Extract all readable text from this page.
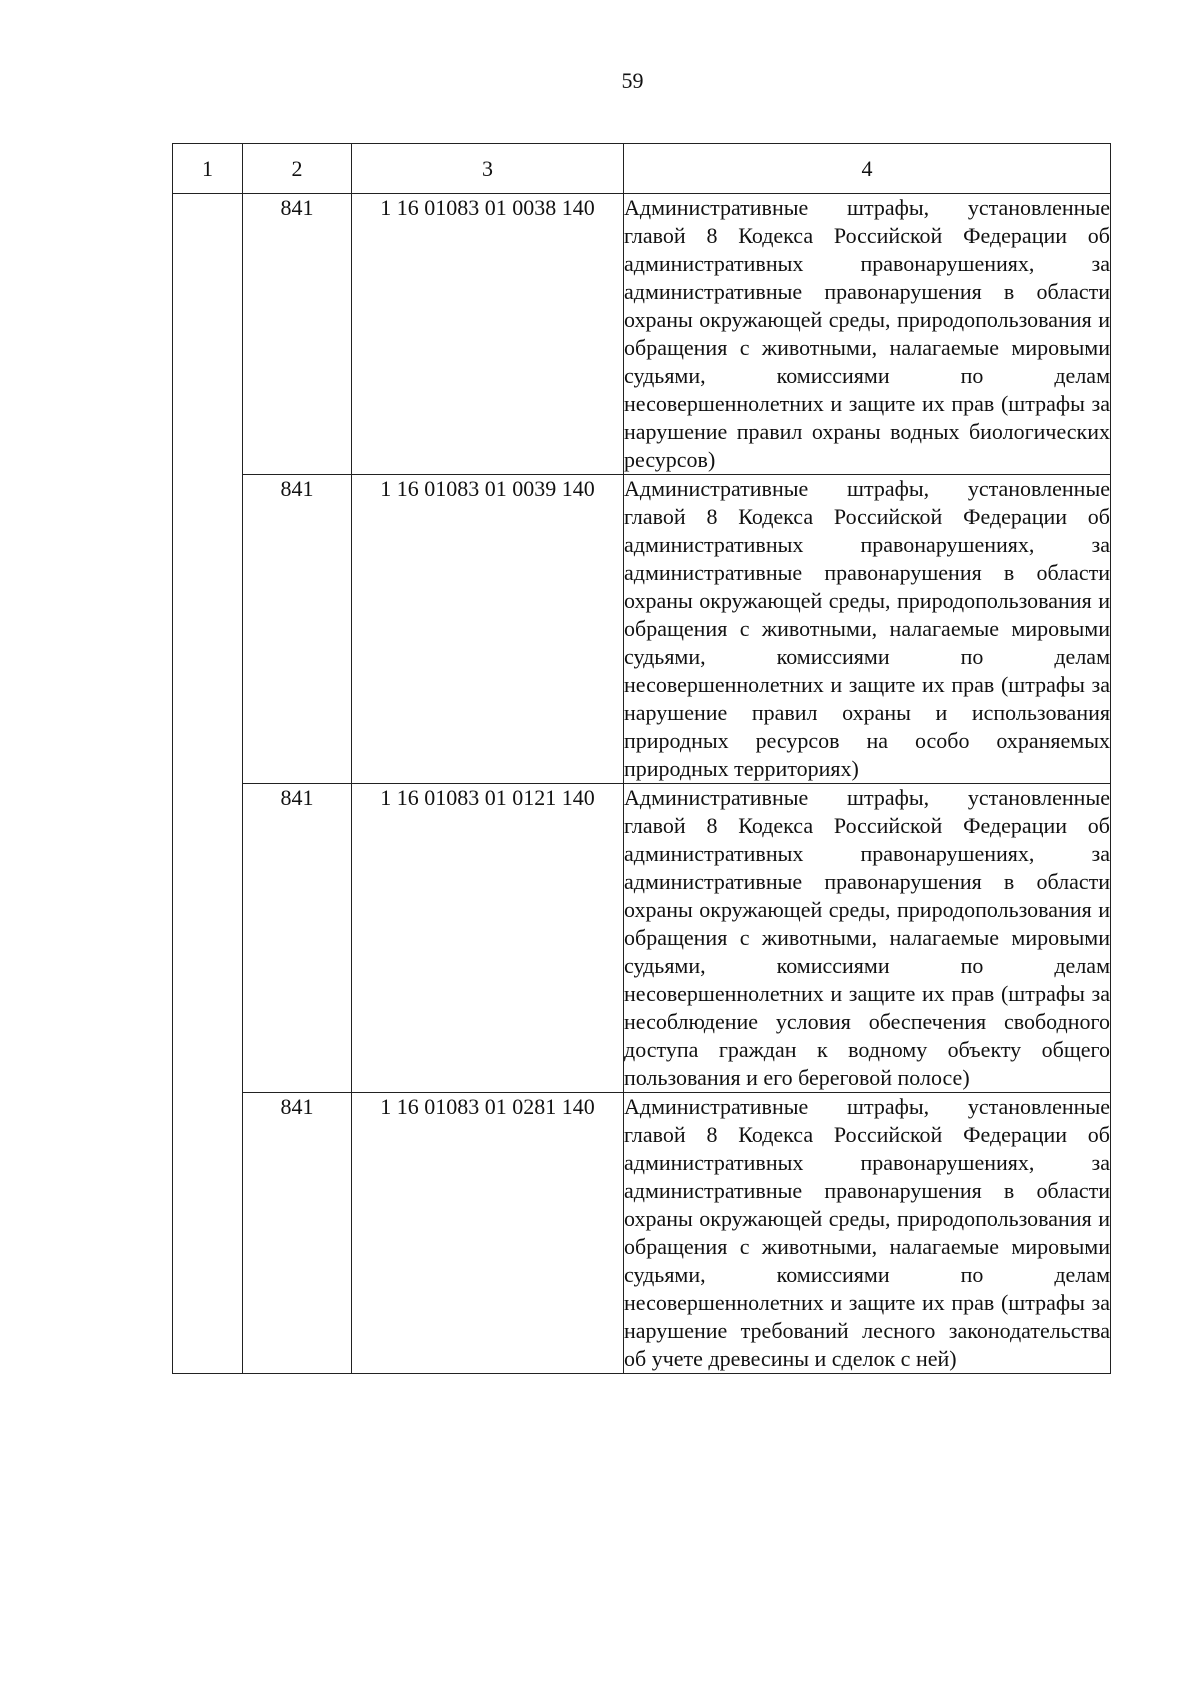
59
1	2	3	4
	841	1 16 01083 01 0038 140	Административные штрафы, установленные главой 8 Кодекса Российской Федерации об административных правонарушениях, за административные правонарушения в области охраны окружающей среды, природопользования и обращения с животными, налагаемые мировыми судьями, комиссиями по делам несовершеннолетних и защите их прав (штрафы за нарушение правил охраны водных биологических ресурсов)
	841	1 16 01083 01 0039 140	Административные штрафы, установленные главой 8 Кодекса Российской Федерации об административных правонарушениях, за административные правонарушения в области охраны окружающей среды, природопользования и обращения с животными, налагаемые мировыми судьями, комиссиями по делам несовершеннолетних и защите их прав (штрафы за нарушение правил охраны и использования природных ресурсов на особо охраняемых природных территориях)
	841	1 16 01083 01 0121 140	Административные штрафы, установленные главой 8 Кодекса Российской Федерации об административных правонарушениях, за административные правонарушения в области охраны окружающей среды, природопользования и обращения с животными, налагаемые мировыми судьями, комиссиями по делам несовершеннолетних и защите их прав (штрафы за несоблюдение условия обеспечения свободного доступа граждан к водному объекту общего пользования и его береговой полосе)
	841	1 16 01083 01 0281 140	Административные штрафы, установленные главой 8 Кодекса Российской Федерации об административных правонарушениях, за административные правонарушения в области охраны окружающей среды, природопользования и обращения с животными, налагаемые мировыми судьями, комиссиями по делам несовершеннолетних и защите их прав (штрафы за нарушение требований лесного законодательства об учете древесины и сделок с ней)
